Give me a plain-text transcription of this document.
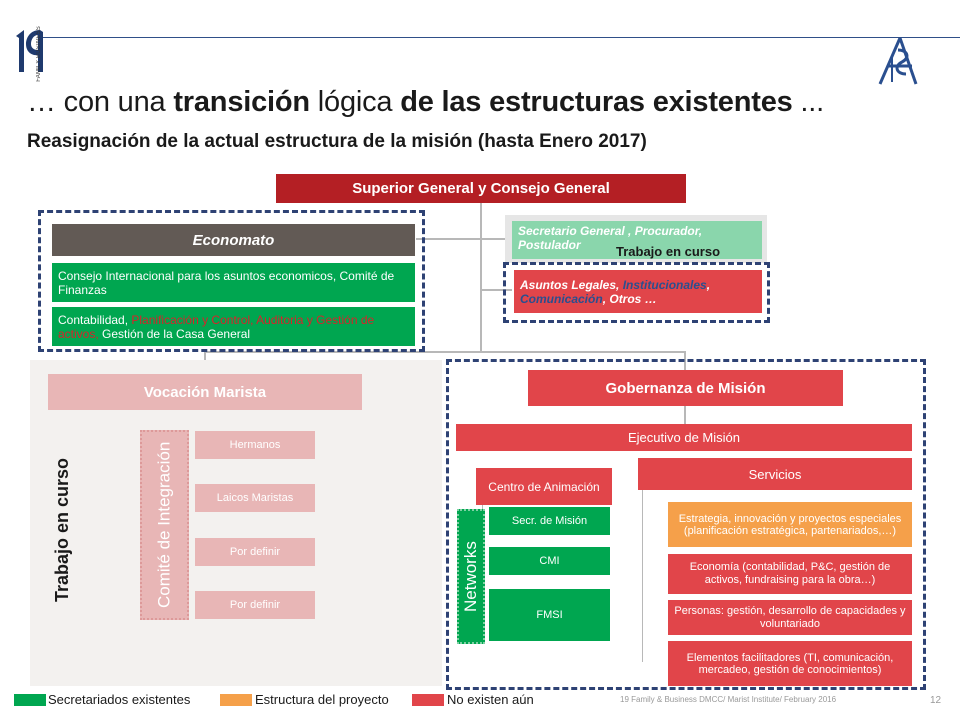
FAMILY BUSINESS
… con una transición lógica de las estructuras existentes ...
Reasignación de la actual estructura de la misión (hasta Enero 2017)
Superior General y Consejo General
Economato
Consejo Internacional para los asuntos economicos, Comité de Finanzas
Contabilidad, Planificación y Control, Auditoria y Gestión de activos, Gestión de la Casa General
Secretario General , Procurador, Postulador	Trabajo en curso
Asuntos Legales, Institucionales, Comunicación, Otros …
Vocación Marista
Trabajo en curso	Comité de Integración	Hermanos
Laicos Maristas
Por definir
Por definir
Gobernanza de Misión
Ejecutivo de Misión
Centro de Animación
Networks
Secr. de Misión
CMI
FMSI
Servicios
Estrategia, innovación y proyectos especiales (planificación estratégica, partenariados,…)
Economía (contabilidad, P&C, gestión de activos, fundraising para la obra…)
Personas: gestión, desarrollo de capacidades y voluntariado
Elementos facilitadores (TI, comunicación, mercadeo, gestión de conocimientos)
Secretariados existentes	Estructura del proyecto	No existen aún	19 Family & Business DMCC/ Marist Institute/ February 2016	12
